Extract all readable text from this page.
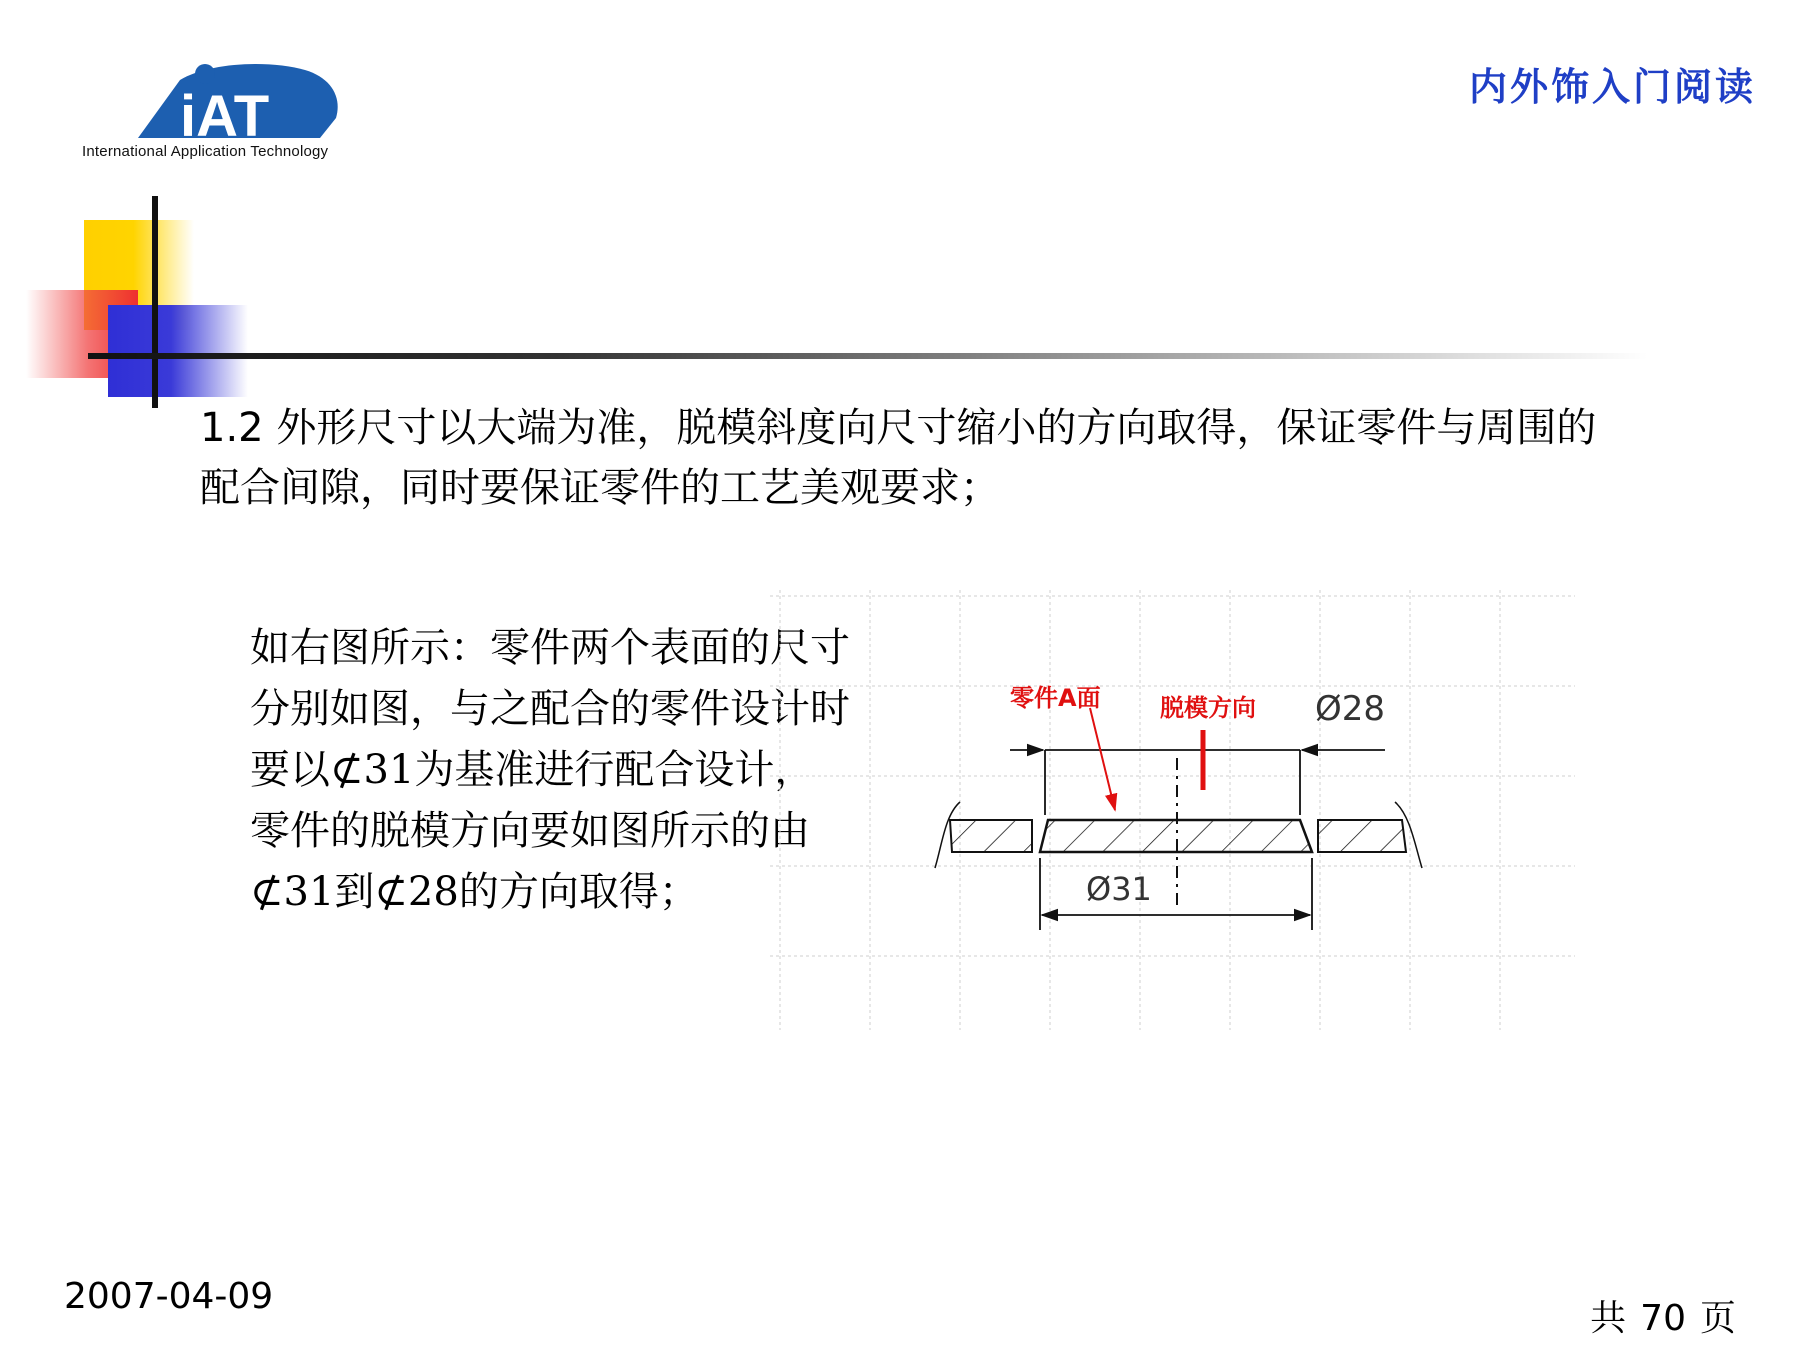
iAT
International Application Technology
内外饰入门阅读
1.2 外形尺寸以大端为准，脱模斜度向尺寸缩小的方向取得，保证零件与周围的配合间隙，同时要保证零件的工艺美观要求；
如右图所示：零件两个表面的尺寸分别如图，与之配合的零件设计时要以⊄31为基准进行配合设计，零件的脱模方向要如图所示的由⊄31到⊄28的方向取得；
Ø28
Ø31
零件A面 脱模方向
2007-04-09
共 70 页
